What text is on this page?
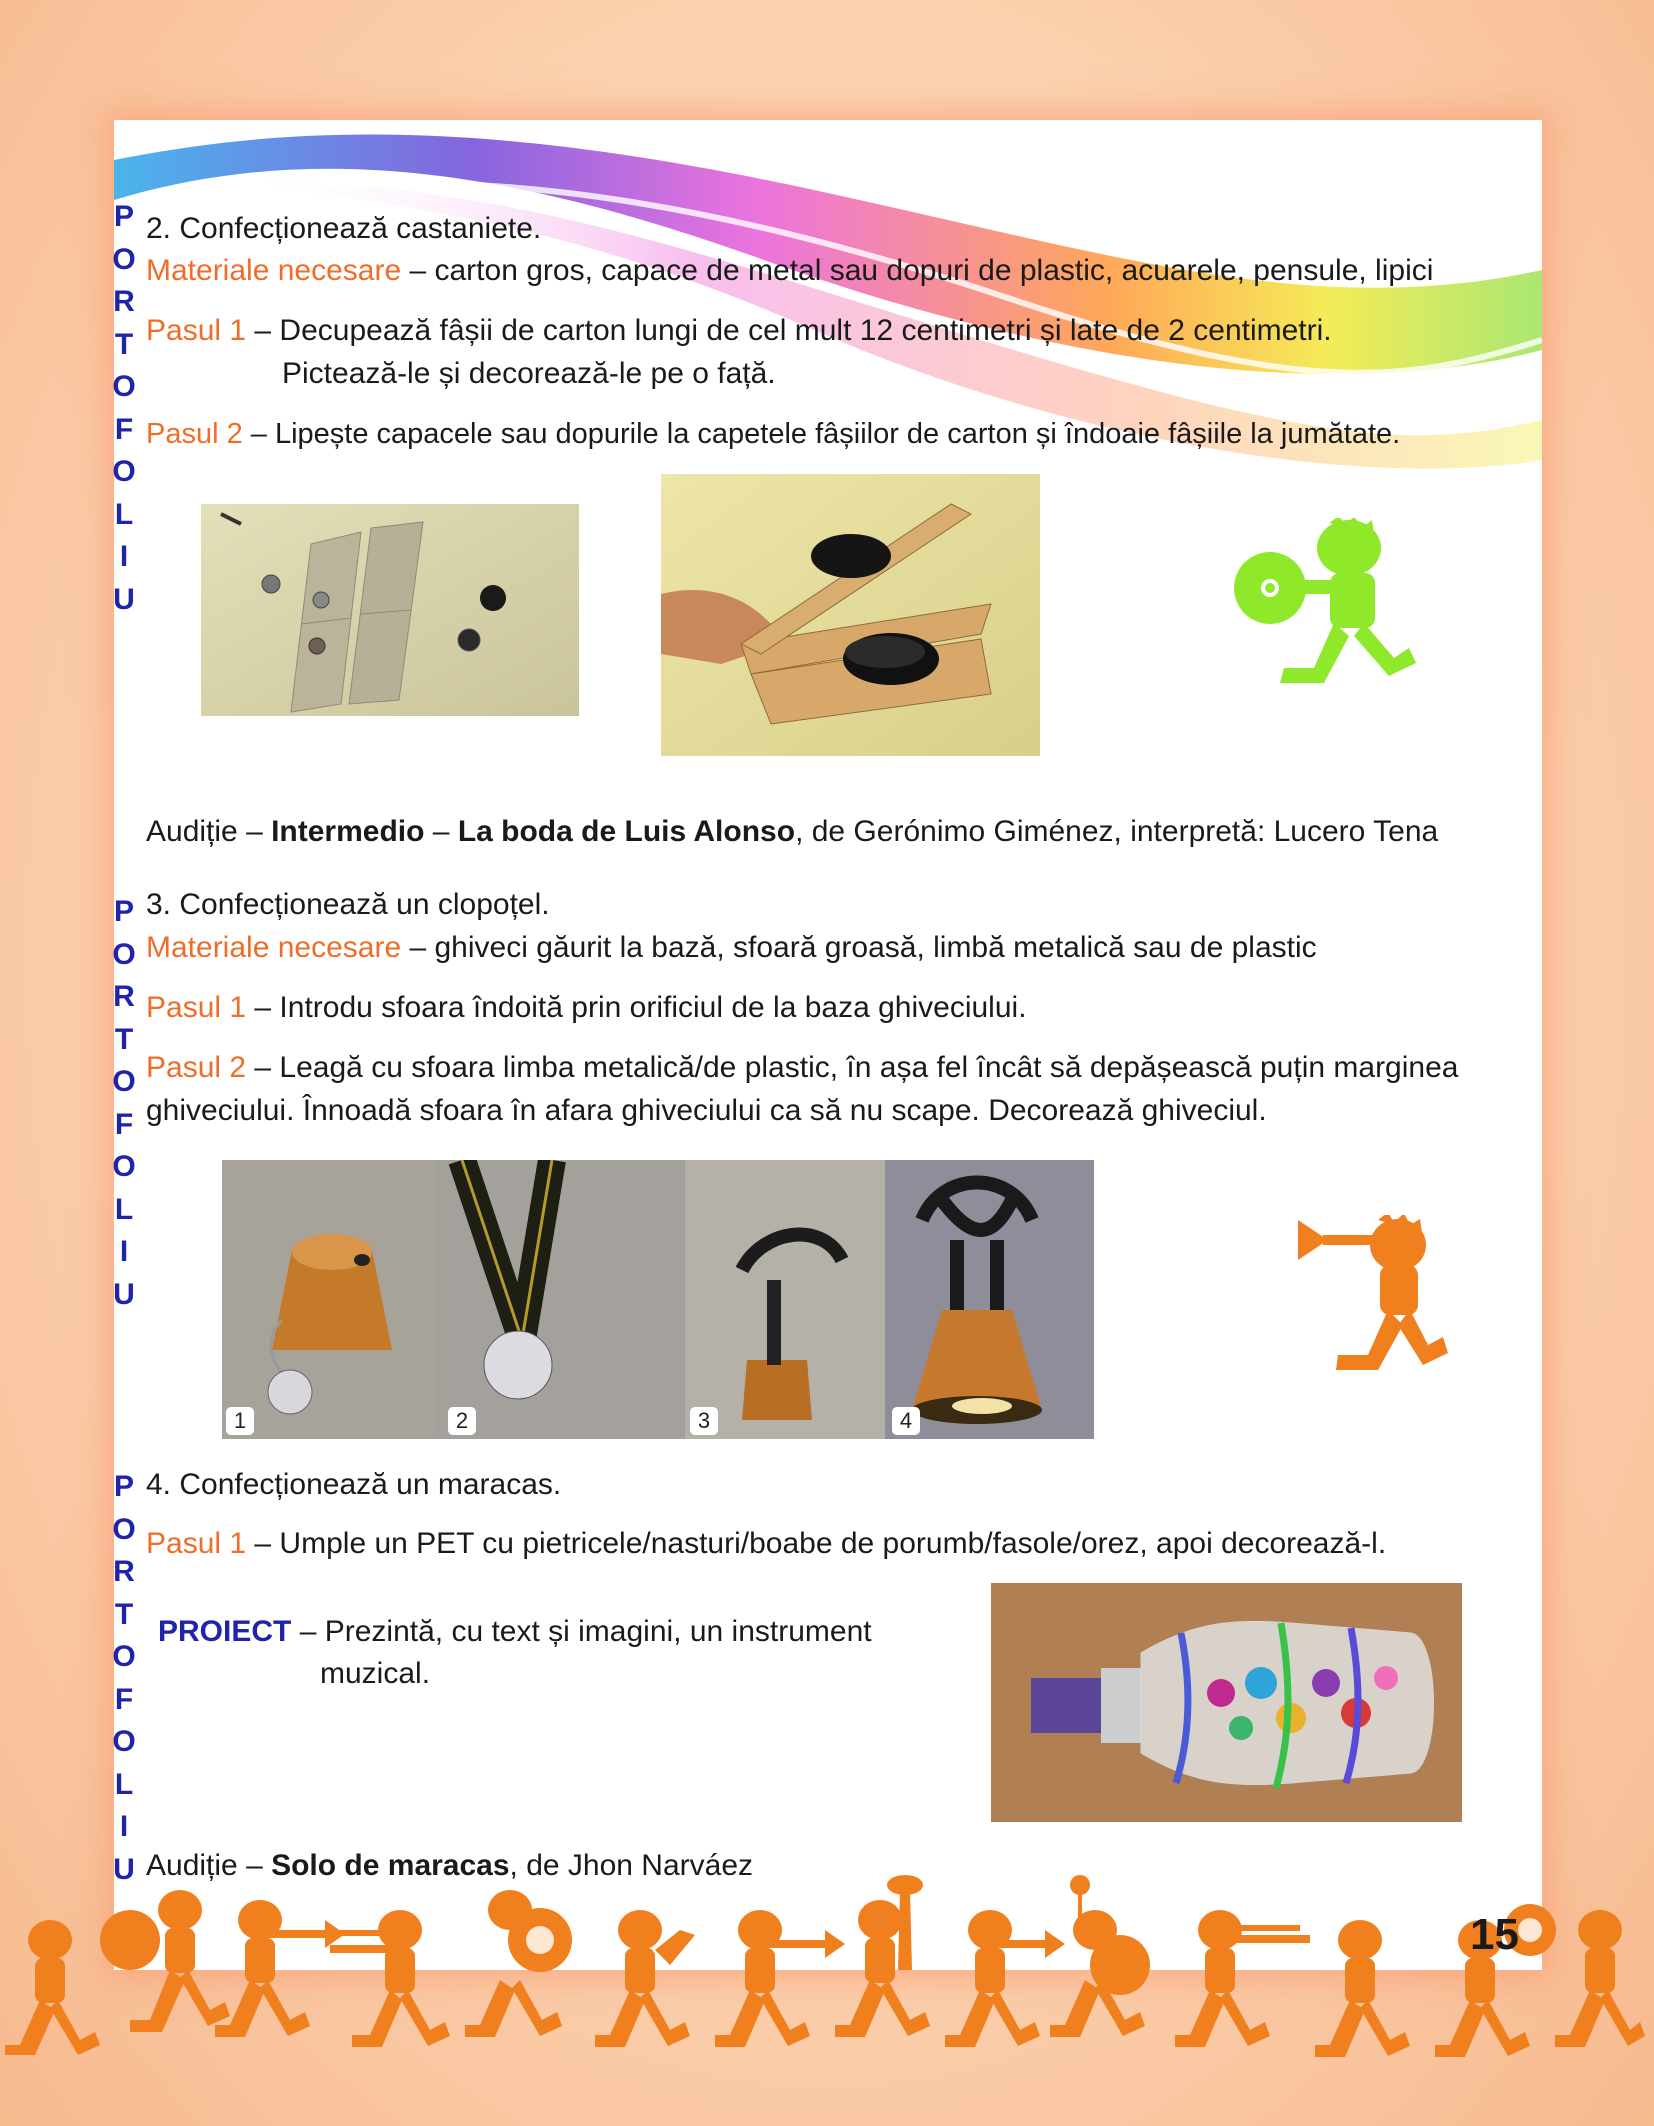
P
O
R
T
O
F
O
L
I
U
P
O
R
T
O
F
O
L
I
U
P
O
R
T
O
F
O
L
I
U
2. Confecționează castaniete.
Materiale necesare – carton gros, capace de metal sau dopuri de plastic, acuarele, pensule, lipici
Pasul 1 – Decupează fâșii de carton lungi de cel mult 12 centimetri și late de 2 centimetri.
Pictează-le și decorează-le pe o față.
Pasul 2 – Lipește capacele sau dopurile la capetele fâșiilor de carton și îndoaie fâșiile la jumătate.
Audiție – Intermedio – La boda de Luis Alonso, de Gerónimo Giménez, interpretă: Lucero Tena
3. Confecționează un clopoțel.
Materiale necesare – ghiveci găurit la bază, sfoară groasă, limbă metalică sau de plastic
Pasul 1 – Introdu sfoara îndoită prin orificiul de la baza ghiveciului.
Pasul 2 – Leagă cu sfoara limba metalică/de plastic, în așa fel încât să depășească puțin marginea
ghiveciului. Înnoadă sfoara în afara ghiveciului ca să nu scape. Decorează ghiveciul.
1	2	3	4
4. Confecționează un maracas.
Pasul 1 – Umple un PET cu pietricele/nasturi/boabe de porumb/fasole/orez, apoi decorează-l.
PROIECT – Prezintă, cu text și imagini, un instrument
muzical.
Audiție – Solo de maracas, de Jhon Narváez
15
